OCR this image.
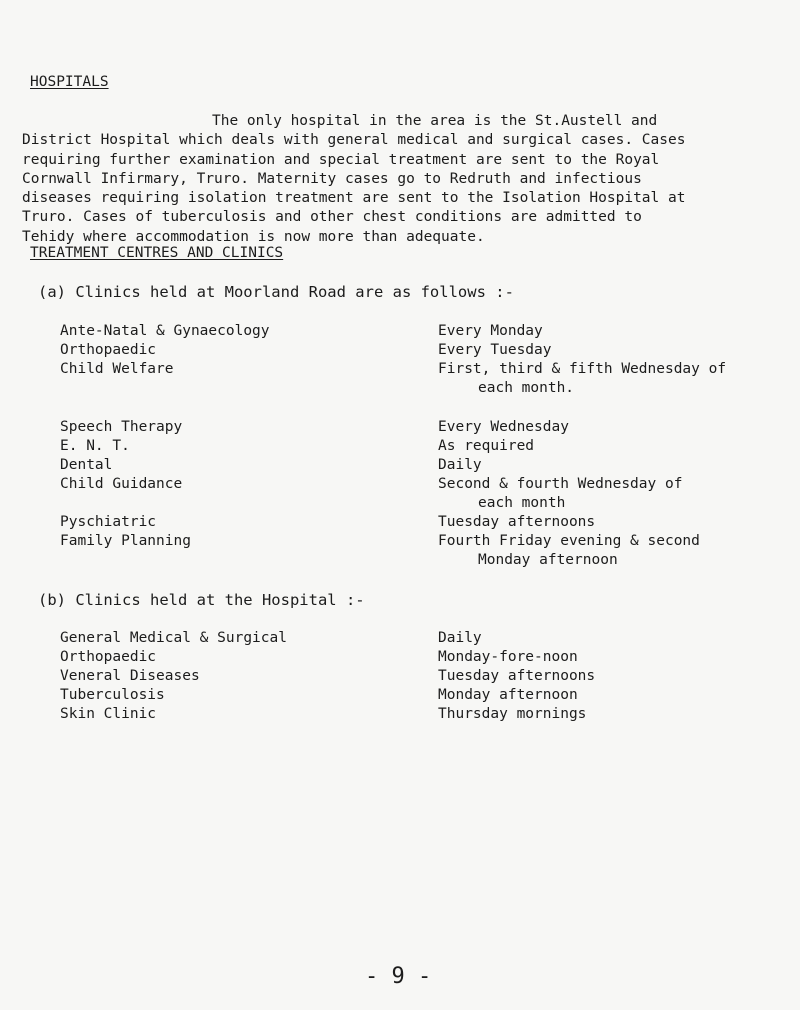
HOSPITALS
The only hospital in the area is the St.Austell and
District Hospital which deals with general medical and surgical cases. Cases
requiring further examination and special treatment are sent to the Royal
Cornwall Infirmary, Truro. Maternity cases go to Redruth and infectious
diseases requiring isolation treatment are sent to the Isolation Hospital at
Truro. Cases of tuberculosis and other chest conditions are admitted to
Tehidy where accommodation is now more than adequate.
TREATMENT CENTRES AND CLINICS
(a) Clinics held at Moorland Road are as follows :-
Ante-Natal & Gynaecology	Every Monday
Orthopaedic	Every Tuesday
Child Welfare	First, third & fifth Wednesday of
each month.
Speech Therapy	Every Wednesday
E. N. T.	As required
Dental	Daily
Child Guidance	Second & fourth Wednesday of
each month
Pyschiatric	Tuesday afternoons
Family Planning	Fourth Friday evening & second
Monday afternoon
(b) Clinics held at the Hospital :-
General Medical & Surgical	Daily
Orthopaedic	Monday-fore-noon
Veneral Diseases	Tuesday afternoons
Tuberculosis	Monday afternoon
Skin Clinic	Thursday mornings
- 9 -
